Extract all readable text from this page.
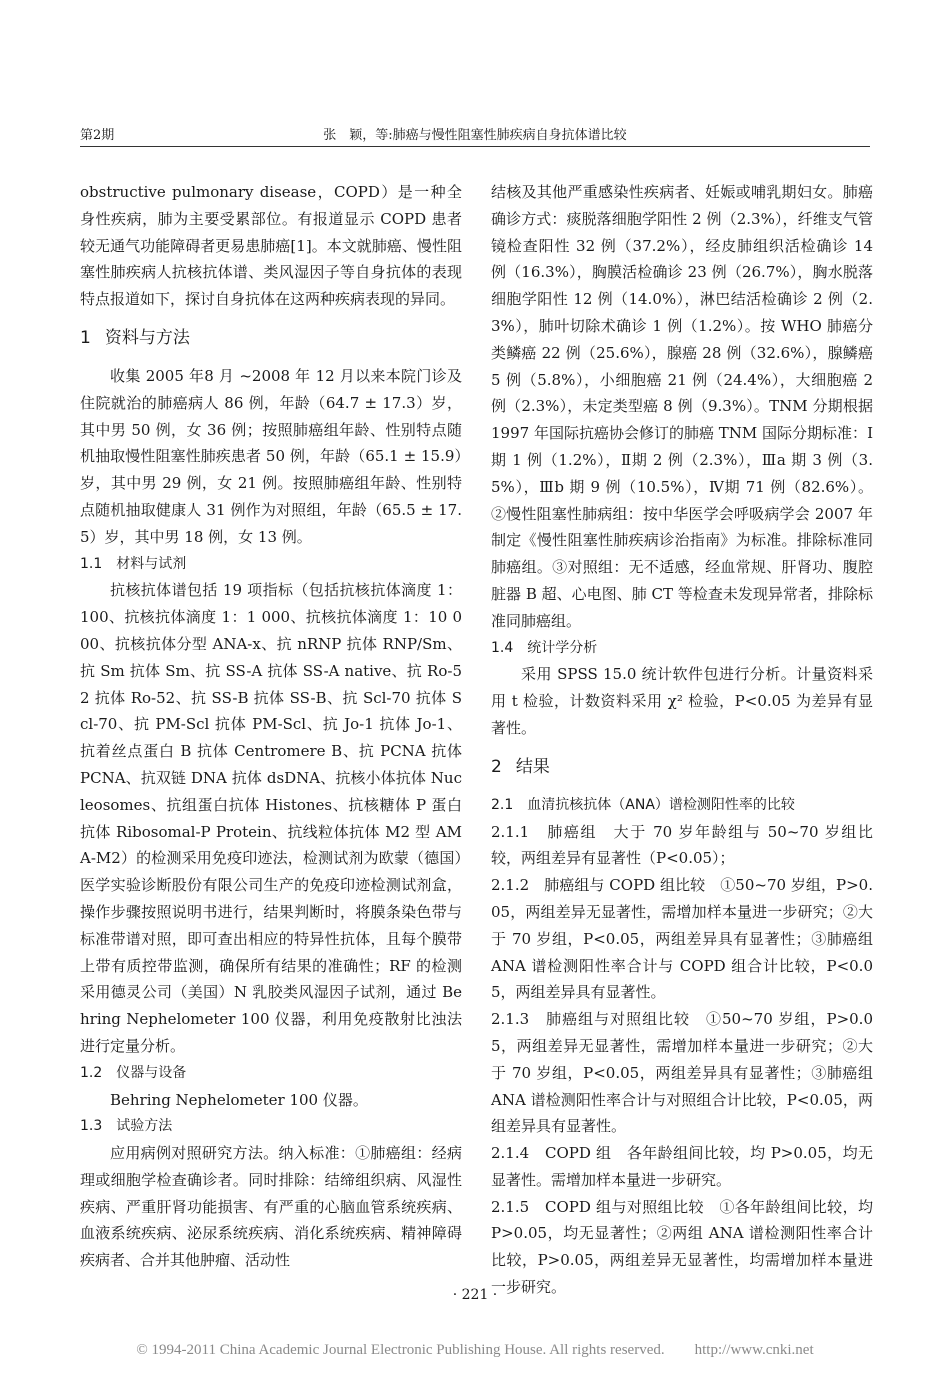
第2期	张　颖，等:肺癌与慢性阻塞性肺疾病自身抗体谱比较

obstructive pulmonary disease，COPD）是一种全身性疾病，肺为主要受累部位。有报道显示 COPD 患者较无通气功能障碍者更易患肺癌[1]。本文就肺癌、慢性阻塞性肺疾病人抗核抗体谱、类风湿因子等自身抗体的表现特点报道如下，探讨自身抗体在这两种疾病表现的异同。

1 资料与方法

收集 2005 年8 月 ~2008 年 12 月以来本院门诊及住院就治的肺癌病人 86 例，年龄（64.7 ± 17.3）岁，其中男 50 例，女 36 例；按照肺癌组年龄、性别特点随机抽取慢性阻塞性肺疾患者 50 例，年龄（65.1 ± 15.9）岁，其中男 29 例，女 21 例。按照肺癌组年龄、性别特点随机抽取健康人 31 例作为对照组，年龄（65.5 ± 17.5）岁，其中男 18 例，女 13 例。

1.1 材料与试剂

抗核抗体谱包括 19 项指标（包括抗核抗体滴度 1：100、抗核抗体滴度 1：1 000、抗核抗体滴度 1：10 000、抗核抗体分型 ANA-x、抗 nRNP 抗体 RNP/Sm、抗 Sm 抗体 Sm、抗 SS-A 抗体 SS-A native、抗 Ro-52 抗体 Ro-52、抗 SS-B 抗体 SS-B、抗 Scl-70 抗体 Scl-70、抗 PM-Scl 抗体 PM-Scl、抗 Jo-1 抗体 Jo-1、抗着丝点蛋白 B 抗体 Centromere B、抗 PCNA 抗体 PCNA、抗双链 DNA 抗体 dsDNA、抗核小体抗体 Nucleosomes、抗组蛋白抗体 Histones、抗核糖体 P 蛋白抗体 Ribosomal-P Protein、抗线粒体抗体 M2 型 AMA-M2）的检测采用免疫印迹法，检测试剂为欧蒙（德国）医学实验诊断股份有限公司生产的免疫印迹检测试剂盒，操作步骤按照说明书进行，结果判断时，将膜条染色带与标准带谱对照，即可查出相应的特异性抗体，且每个膜带上带有质控带监测，确保所有结果的准确性；RF 的检测采用德灵公司（美国）N 乳胶类风湿因子试剂，通过 Behring Nephelometer 100 仪器，利用免疫散射比浊法进行定量分析。

1.2 仪器与设备

Behring Nephelometer 100 仪器。

1.3 试验方法

应用病例对照研究方法。纳入标准：①肺癌组：经病理或细胞学检查确诊者。同时排除：结缔组织病、风湿性疾病、严重肝肾功能损害、有严重的心脑血管系统疾病、血液系统疾病、泌尿系统疾病、消化系统疾病、精神障碍疾病者、合并其他肿瘤、活动性

结核及其他严重感染性疾病者、妊娠或哺乳期妇女。肺癌确诊方式：痰脱落细胞学阳性 2 例（2.3%），纤维支气管镜检查阳性 32 例（37.2%），经皮肺组织活检确诊 14 例（16.3%），胸膜活检确诊 23 例（26.7%），胸水脱落细胞学阳性 12 例（14.0%），淋巴结活检确诊 2 例（2.3%），肺叶切除术确诊 1 例（1.2%）。按 WHO 肺癌分类鳞癌 22 例（25.6%），腺癌 28 例（32.6%），腺鳞癌 5 例（5.8%），小细胞癌 21 例（24.4%），大细胞癌 2 例（2.3%），未定类型癌 8 例（9.3%）。TNM 分期根据 1997 年国际抗癌协会修订的肺癌 TNM 国际分期标准：Ⅰ期 1 例（1.2%），Ⅱ期 2 例（2.3%），Ⅲa 期 3 例（3.5%），Ⅲb 期 9 例（10.5%），Ⅳ期 71 例（82.6%）。②慢性阻塞性肺病组：按中华医学会呼吸病学会 2007 年制定《慢性阻塞性肺疾病诊治指南》为标准。排除标准同肺癌组。③对照组：无不适感，经血常规、肝肾功、腹腔脏器 B 超、心电图、肺 CT 等检查未发现异常者，排除标准同肺癌组。

1.4 统计学分析

采用 SPSS 15.0 统计软件包进行分析。计量资料采用 t 检验，计数资料采用 χ² 检验，P<0.05 为差异有显著性。

2 结果
2.1 血清抗核抗体（ANA）谱检测阳性率的比较

2.1.1　肺癌组　大于 70 岁年龄组与 50~70 岁组比较，两组差异有显著性（P<0.05）；

2.1.2　肺癌组与 COPD 组比较　①50~70 岁组，P>0.05，两组差异无显著性，需增加样本量进一步研究；②大于 70 岁组，P<0.05，两组差异具有显著性；③肺癌组 ANA 谱检测阳性率合计与 COPD 组合计比较，P<0.05，两组差异具有显著性。

2.1.3　肺癌组与对照组比较　①50~70 岁组，P>0.05，两组差异无显著性，需增加样本量进一步研究；②大于 70 岁组，P<0.05，两组差异具有显著性；③肺癌组 ANA 谱检测阳性率合计与对照组合计比较，P<0.05，两组差异具有显著性。

2.1.4　COPD 组　各年龄组间比较，均 P>0.05，均无显著性。需增加样本量进一步研究。

2.1.5　COPD 组与对照组比较　①各年龄组间比较，均 P>0.05，均无显著性；②两组 ANA 谱检测阳性率合计比较，P>0.05，两组差异无显著性，均需增加样本量进一步研究。

· 221 ·
© 1994-2011 China Academic Journal Electronic Publishing House. All rights reserved.　　http://www.cnki.net
